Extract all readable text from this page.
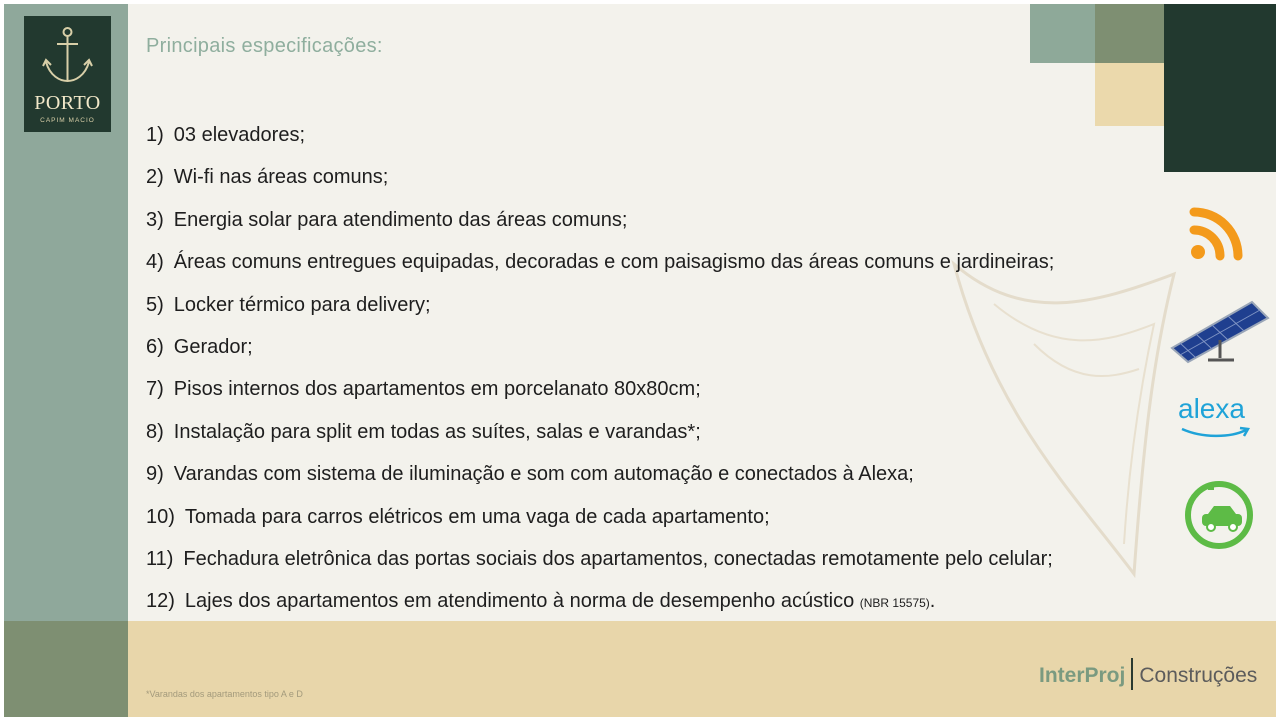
PORTO
CAPIM MACIO
Principais especificações:
1) 03 elevadores;
2) Wi-fi nas áreas comuns;
3) Energia solar para atendimento das áreas comuns;
4) Áreas comuns entregues equipadas, decoradas e com paisagismo das áreas comuns e jardineiras;
5) Locker térmico para delivery;
6) Gerador;
7) Pisos internos dos apartamentos em porcelanato 80x80cm;
8) Instalação para split em todas as suítes, salas e varandas*;
9) Varandas com sistema de iluminação e som com automação e conectados à Alexa;
10) Tomada para carros elétricos em uma vaga de cada apartamento;
11) Fechadura eletrônica das portas sociais dos apartamentos, conectadas remotamente pelo celular;
12) Lajes dos apartamentos em atendimento à norma de desempenho acústico (NBR 15575).
alexa
*Varandas dos apartamentos tipo A e D
InterProj Construções
